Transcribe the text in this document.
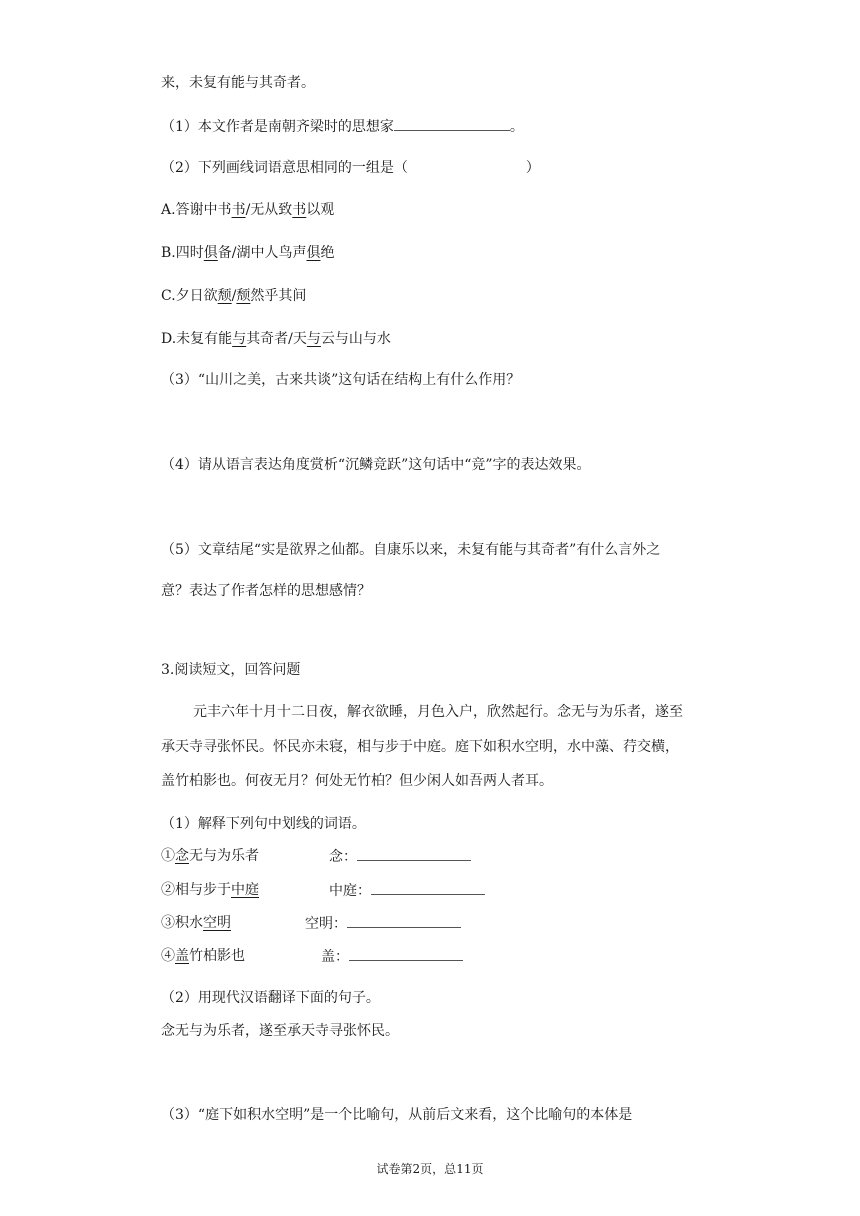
来，未复有能与其奇者。
（1）本文作者是南朝齐梁时的思想家	。
（2）下列画线词语意思相同的一组是（	）
A.答谢中书书/无从致书以观
B.四时俱备/湖中人鸟声俱绝
C.夕日欲颓/颓然乎其间
D.未复有能与其奇者/天与云与山与水
（3）“山川之美，古来共谈”这句话在结构上有什么作用？
（4）请从语言表达角度赏析“沉鳞竞跃”这句话中“竞”字的表达效果。
（5）文章结尾“实是欲界之仙都。自康乐以来，未复有能与其奇者”有什么言外之
意？表达了作者怎样的思想感情？
3.阅读短文，回答问题
元丰六年十月十二日夜，解衣欲睡，月色入户，欣然起行。念无与为乐者，遂至
承天寺寻张怀民。怀民亦未寝，相与步于中庭。庭下如积水空明，水中藻、荇交横，
盖竹柏影也。何夜无月？何处无竹柏？但少闲人如吾两人者耳。
（1）解释下列句中划线的词语。
①念无与为乐者	念：
②相与步于中庭	中庭：
③积水空明	空明：
④盖竹柏影也	盖：
（2）用现代汉语翻译下面的句子。
念无与为乐者，遂至承天寺寻张怀民。
（3）“庭下如积水空明”是一个比喻句，从前后文来看，这个比喻句的本体是
试卷第2页，总11页
